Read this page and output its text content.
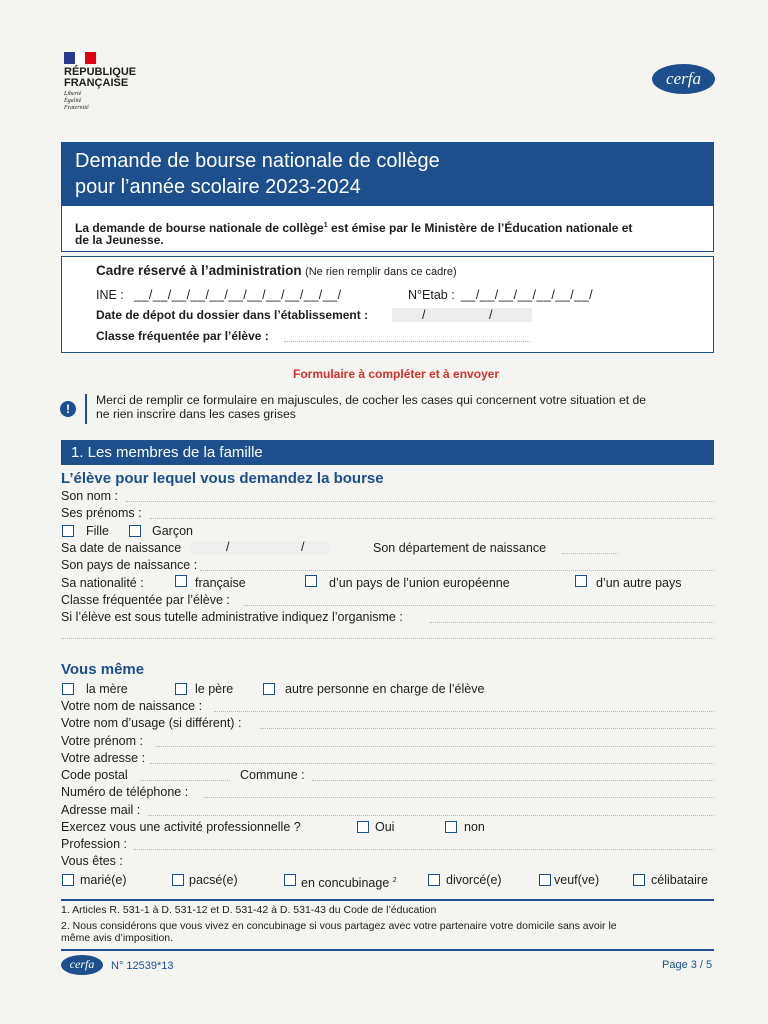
RÉPUBLIQUE
FRANÇAISE
Liberté
Égalité
Fraternité
cerfa
Demande de bourse nationale de collège
pour l’année scolaire 2023-2024
La demande de bourse nationale de collège$^1$ est émise par le Ministère de l’Éducation nationale et
de la Jeunesse.
Cadre réservé à l’administration (Ne rien remplir dans ce cadre)
INE : __/__/__/__/__/__/__/__/__/__/__/	N°Etab : __/__/__/__/__/__/__/
Date de dépot du dossier dans l’établissement :	/ /
Classe fréquentée par l’élève :
Formulaire à compléter et à envoyer
!
Merci de remplir ce formulaire en majuscules, de cocher les cases qui concernent votre situation et de
ne rien inscrire dans les cases grises
1. Les membres de la famille
L’élève pour lequel vous demandez la bourse
Son nom :
Ses prénoms :
Fille	Garçon
Sa date de naissance	/ /	Son département de naissance
Son pays de naissance :
Sa nationalité :	française	d’un pays de l’union européenne	d’un autre pays
Classe fréquentée par l’élève :
Si l’élève est sous tutelle administrative indiquez l’organisme :
Vous même
la mère	le père	autre personne en charge de l’élève
Votre nom de naissance :
Votre nom d’usage (si différent) :
Votre prénom :
Votre adresse :
Code postal	Commune :
Numéro de téléphone :
Adresse mail :
Exercez vous une activité professionnelle ?	Oui	non
Profession :
Vous êtes :
marié(e)	pacsé(e)	en concubinage $^2$	divorcé(e)	veuf(ve)	célibataire
1. Articles R. 531-1 à D. 531-12 et D. 531-42 à D. 531-43 du Code de l’éducation
2. Nous considérons que vous vivez en concubinage si vous partagez avec votre partenaire votre domicile sans avoir le
même avis d’imposition.
cerfa	N° 12539*13	Page 3 / 5
